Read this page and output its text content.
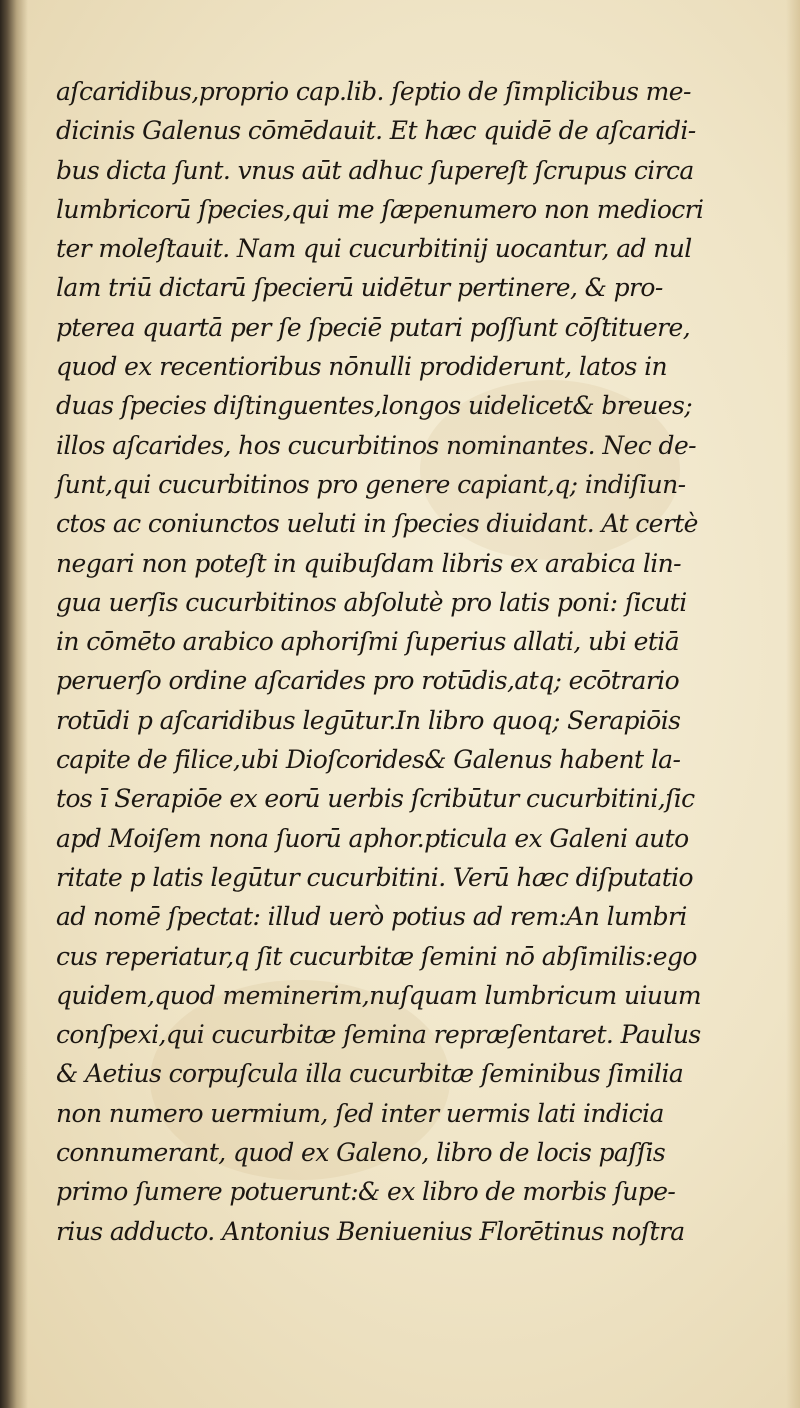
aſcaridibus,proprio cap.lib. ſeptio de ſimplicibus me-
dicinis Galenus cōmēdauit. Et hæc quidē de aſcaridi-
bus dicta ſunt. vnus aūt adhuc ſupereſt ſcrupus circa
lumbricorū ſpecies,qui me ſæpenumero non mediocri
ter moleſtauit. Nam qui cucurbitinij uocantur, ad nul
lam triū dictarū ſpecierū uidētur pertinere, & pro-
pterea quartā per ſe ſpeciē putari poſſunt cōſtituere,
quod ex recentioribus nōnulli prodiderunt, latos in
duas ſpecies diſtinguentes,longos uidelicet& breues;
illos aſcarides, hos cucurbitinos nominantes. Nec de-
ſunt,qui cucurbitinos pro genere capiant,q; indiſiun-
ctos ac coniunctos ueluti in ſpecies diuidant. At certè
negari non poteſt in quibuſdam libris ex arabica lin-
gua uerſis cucurbitinos abſolutè pro latis poni: ſicuti
in cōmēto arabico aphoriſmi ſuperius allati, ubi etiā
peruerſo ordine aſcarides pro rotūdis,atq; ecōtrario
rotūdi p aſcaridibus legūtur.In libro quoq; Serapiōis
capite de filice,ubi Dioſcorides& Galenus habent la-
tos ī Serapiōe ex eorū uerbis ſcribūtur cucurbitini,ſic
apd Moiſem nona ſuorū aphor.pticula ex Galeni auto
ritate p latis legūtur cucurbitini. Verū hæc diſputatio
ad nomē ſpectat: illud uerò potius ad rem:An lumbri
cus reperiatur,q ſit cucurbitæ ſemini nō abſimilis:ego
quidem,quod meminerim,nuſquam lumbricum uiuum
conſpexi,qui cucurbitæ ſemina repræſentaret. Paulus
& Aetius corpuſcula illa cucurbitæ ſeminibus ſimilia
non numero uermium, ſed inter uermis lati indicia
connumerant, quod ex Galeno, libro de locis paſſis
primo ſumere potuerunt:& ex libro de morbis ſupe-
rius adducto. Antonius Beniuenius Florētinus noſtra
